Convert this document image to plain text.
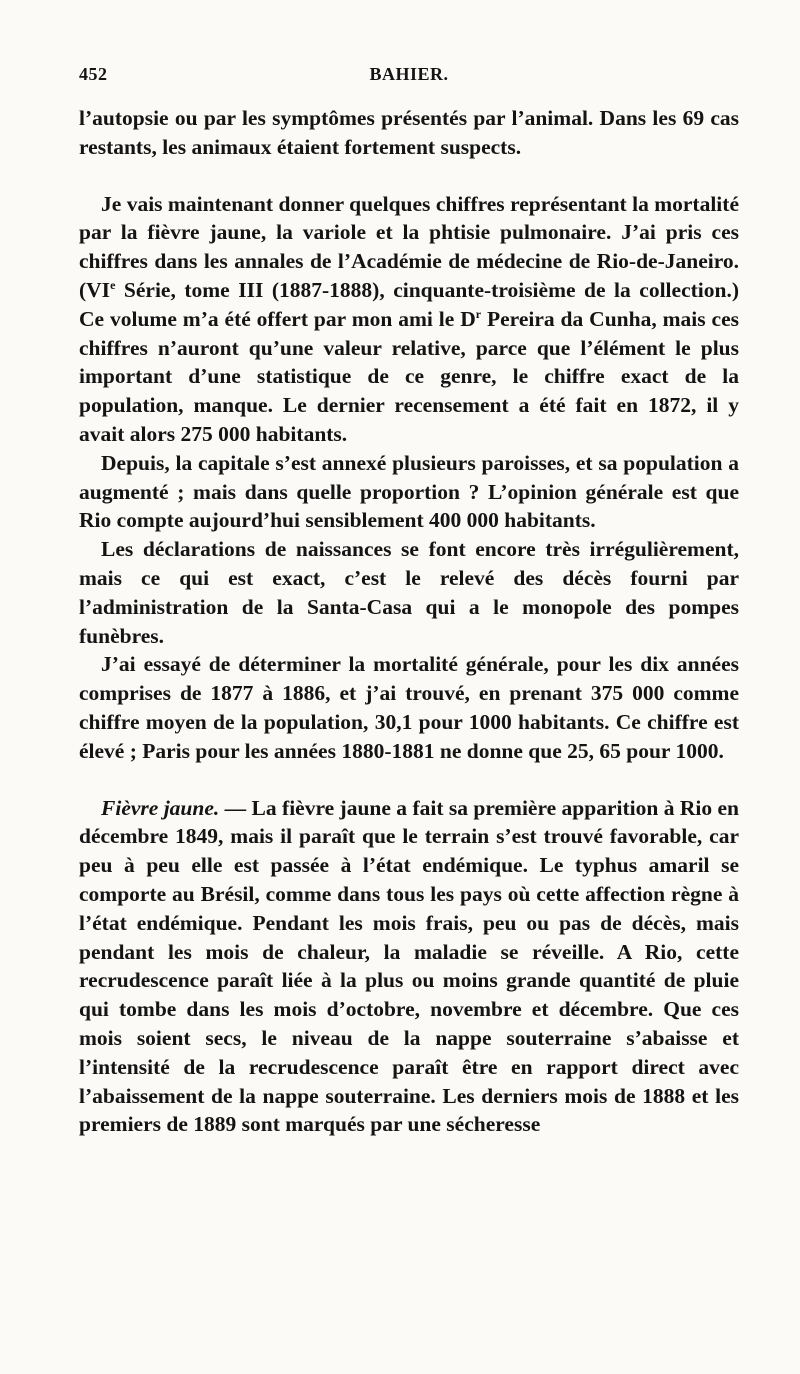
452	BAHIER.

l’autopsie ou par les symptômes présentés par l’animal. Dans les 69 cas restants, les animaux étaient fortement suspects.

Je vais maintenant donner quelques chiffres représentant la mortalité par la fièvre jaune, la variole et la phtisie pulmonaire. J’ai pris ces chiffres dans les annales de l’Académie de médecine de Rio-de-Janeiro. (VIe Série, tome III (1887-1888), cinquante-troisième de la collection.) Ce volume m’a été offert par mon ami le $D^r$ Pereira da Cunha, mais ces chiffres n’auront qu’une valeur relative, parce que l’élément le plus important d’une statistique de ce genre, le chiffre exact de la population, manque. Le dernier recensement a été fait en 1872, il y avait alors 275 000 habitants.

Depuis, la capitale s’est annexé plusieurs paroisses, et sa population a augmenté ; mais dans quelle proportion ? L’opinion générale est que Rio compte aujourd’hui sensiblement 400 000 habitants.

Les déclarations de naissances se font encore très irrégulièrement, mais ce qui est exact, c’est le relevé des décès fourni par l’administration de la Santa-Casa qui a le monopole des pompes funèbres.

J’ai essayé de déterminer la mortalité générale, pour les dix années comprises de 1877 à 1886, et j’ai trouvé, en prenant 375 000 comme chiffre moyen de la population, 30,1 pour 1000 habitants. Ce chiffre est élevé ; Paris pour les années 1880-1881 ne donne que 25, 65 pour 1000.

Fièvre jaune. — La fièvre jaune a fait sa première apparition à Rio en décembre 1849, mais il paraît que le terrain s’est trouvé favorable, car peu à peu elle est passée à l’état endémique. Le typhus amaril se comporte au Brésil, comme dans tous les pays où cette affection règne à l’état endémique. Pendant les mois frais, peu ou pas de décès, mais pendant les mois de chaleur, la maladie se réveille. A Rio, cette recrudescence paraît liée à la plus ou moins grande quantité de pluie qui tombe dans les mois d’octobre, novembre et décembre. Que ces mois soient secs, le niveau de la nappe souterraine s’abaisse et l’intensité de la recrudescence paraît être en rapport direct avec l’abaissement de la nappe souterraine. Les derniers mois de 1888 et les premiers de 1889 sont marqués par une sécheresse
